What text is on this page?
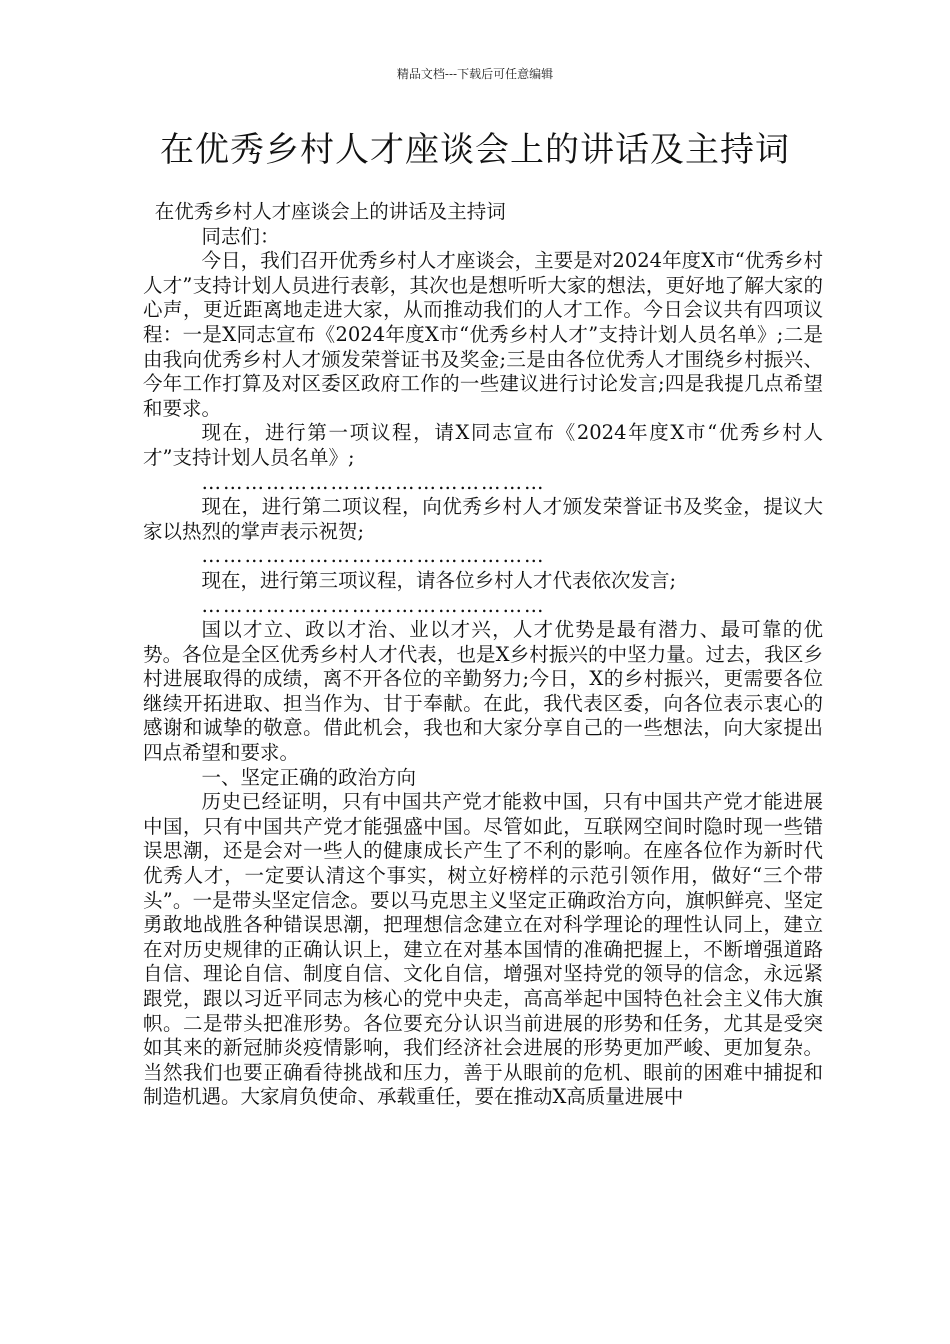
精品文档---下载后可任意编辑
在优秀乡村人才座谈会上的讲话及主持词

在优秀乡村人才座谈会上的讲话及主持词

同志们：

今日，我们召开优秀乡村人才座谈会，主要是对2024年度X市“优秀乡村人才”支持计划人员进行表彰，其次也是想听听大家的想法，更好地了解大家的心声，更近距离地走进大家，从而推动我们的人才工作。今日会议共有四项议程：一是X同志宣布《2024年度X市“优秀乡村人才”支持计划人员名单》;二是由我向优秀乡村人才颁发荣誉证书及奖金;三是由各位优秀人才围绕乡村振兴、今年工作打算及对区委区政府工作的一些建议进行讨论发言;四是我提几点希望和要求。

现在，进行第一项议程，请X同志宣布《2024年度X市“优秀乡村人才”支持计划人员名单》;

…………………………………………

现在，进行第二项议程，向优秀乡村人才颁发荣誉证书及奖金，提议大家以热烈的掌声表示祝贺;

…………………………………………

现在，进行第三项议程，请各位乡村人才代表依次发言;

…………………………………………

国以才立、政以才治、业以才兴，人才优势是最有潜力、最可靠的优势。各位是全区优秀乡村人才代表，也是X乡村振兴的中坚力量。过去，我区乡村进展取得的成绩，离不开各位的辛勤努力;今日，X的乡村振兴，更需要各位继续开拓进取、担当作为、甘于奉献。在此，我代表区委，向各位表示衷心的感谢和诚挚的敬意。借此机会，我也和大家分享自己的一些想法，向大家提出四点希望和要求。

一、坚定正确的政治方向

历史已经证明，只有中国共产党才能救中国，只有中国共产党才能进展中国，只有中国共产党才能强盛中国。尽管如此，互联网空间时隐时现一些错误思潮，还是会对一些人的健康成长产生了不利的影响。在座各位作为新时代优秀人才，一定要认清这个事实，树立好榜样的示范引领作用，做好“三个带头”。一是带头坚定信念。要以马克思主义坚定正确政治方向，旗帜鲜亮、坚定勇敢地战胜各种错误思潮，把理想信念建立在对科学理论的理性认同上，建立在对历史规律的正确认识上，建立在对基本国情的准确把握上，不断增强道路自信、理论自信、制度自信、文化自信，增强对坚持党的领导的信念，永远紧跟党，跟以习近平同志为核心的党中央走，高高举起中国特色社会主义伟大旗帜。二是带头把准形势。各位要充分认识当前进展的形势和任务，尤其是受突如其来的新冠肺炎疫情影响，我们经济社会进展的形势更加严峻、更加复杂。当然我们也要正确看待挑战和压力，善于从眼前的危机、眼前的困难中捕捉和制造机遇。大家肩负使命、承载重任，要在推动X高质量进展中
